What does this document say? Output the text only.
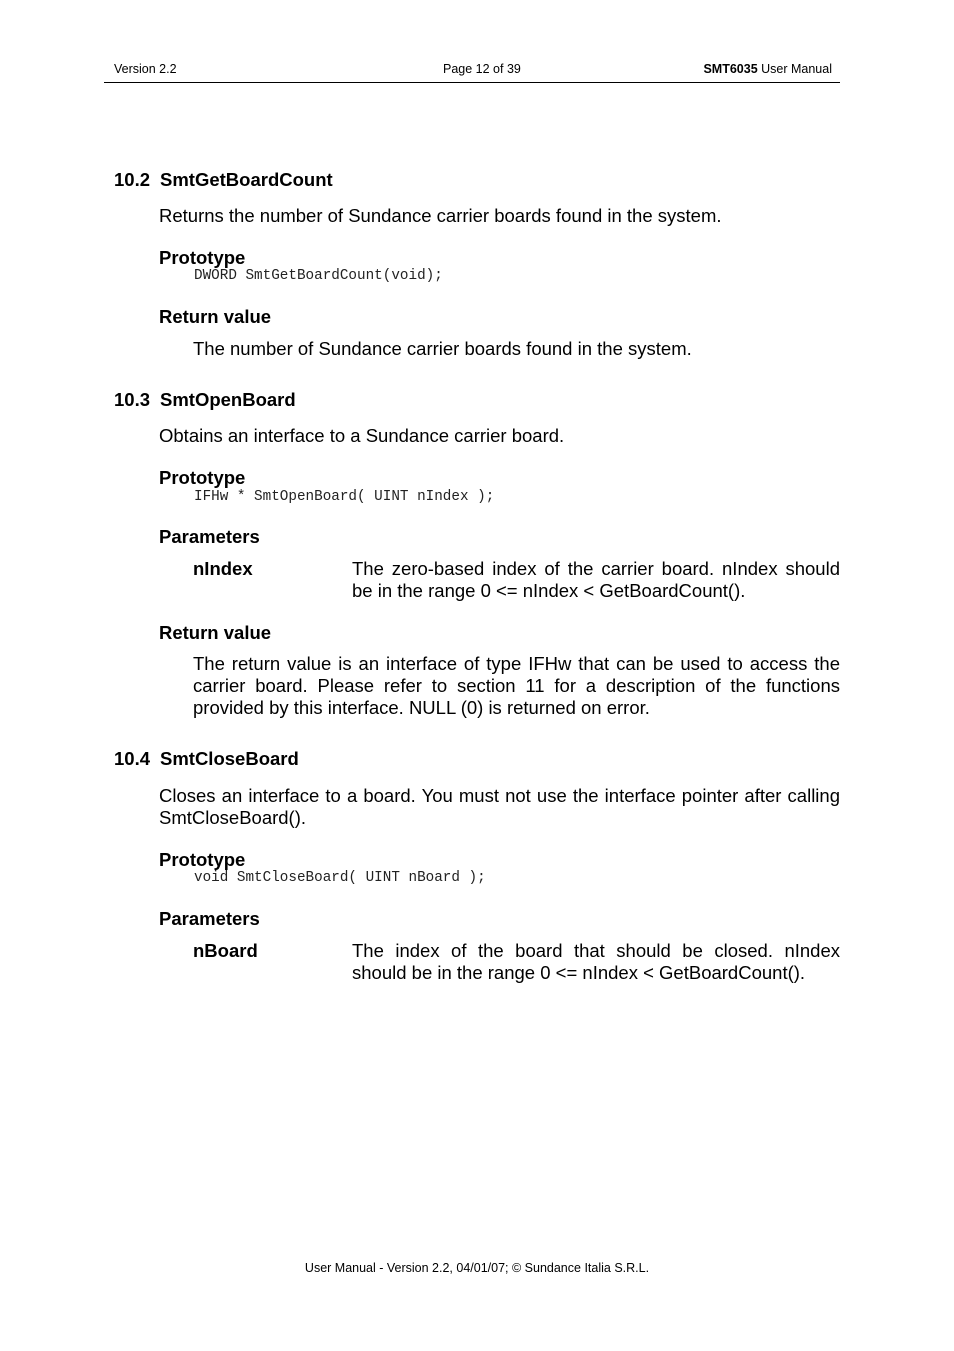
Version 2.2	Page 12 of 39	SMT6035 User Manual
10.2 SmtGetBoardCount
Returns the number of Sundance carrier boards found in the system.
Prototype
DWORD SmtGetBoardCount(void);
Return value
The number of Sundance carrier boards found in the system.
10.3 SmtOpenBoard
Obtains an interface to a Sundance carrier board.
Prototype
IFHw * SmtOpenBoard( UINT nIndex );
Parameters
nIndex	The zero-based index of the carrier board. nIndex should be in the range 0 <= nIndex < GetBoardCount().
Return value
The return value is an interface of type IFHw that can be used to access the carrier board. Please refer to section 11 for a description of the functions provided by this interface. NULL (0) is returned on error.
10.4 SmtCloseBoard
Closes an interface to a board. You must not use the interface pointer after calling SmtCloseBoard().
Prototype
void SmtCloseBoard( UINT nBoard );
Parameters
nBoard	The index of the board that should be closed. nIndex should be in the range 0 <= nIndex < GetBoardCount().
User Manual - Version 2.2, 04/01/07; © Sundance Italia S.R.L.
